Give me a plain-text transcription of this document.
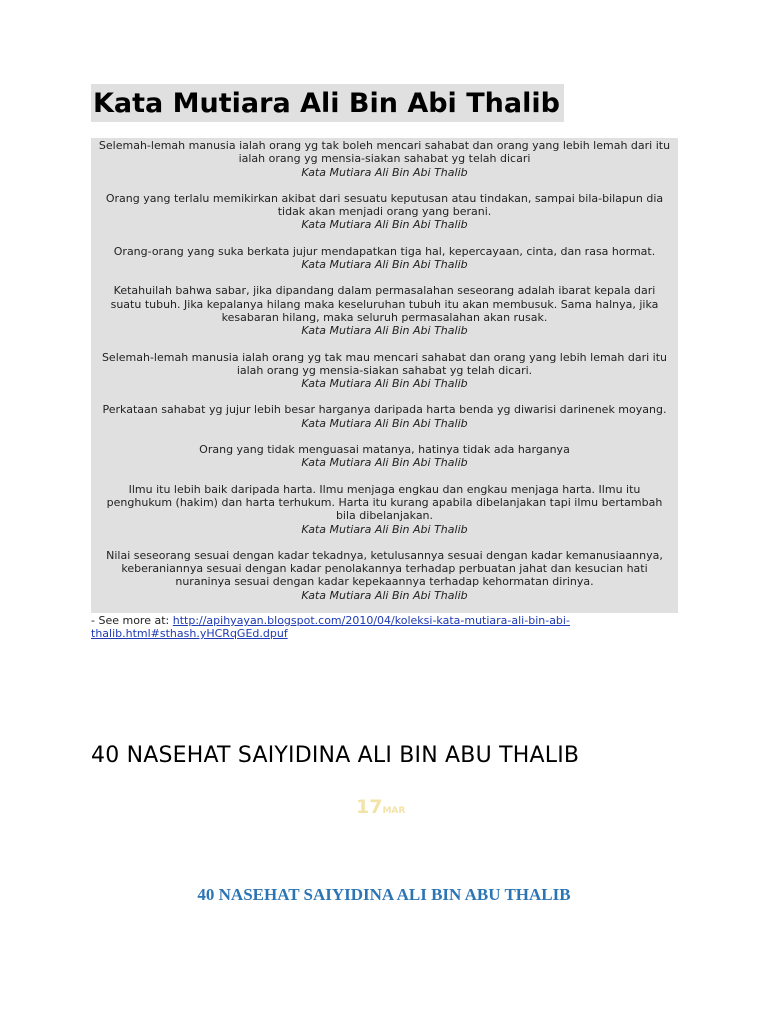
Kata Mutiara Ali Bin Abi Thalib

Selemah-lemah manusia ialah orang yg tak boleh mencari sahabat dan orang yang lebih lemah dari itu ialah orang yg mensia-siakan sahabat yg telah dicari
Kata Mutiara Ali Bin Abi Thalib

Orang yang terlalu memikirkan akibat dari sesuatu keputusan atau tindakan, sampai bila-bilapun dia tidak akan menjadi orang yang berani.
Kata Mutiara Ali Bin Abi Thalib

Orang-orang yang suka berkata jujur mendapatkan tiga hal, kepercayaan, cinta, dan rasa hormat.
Kata Mutiara Ali Bin Abi Thalib

Ketahuilah bahwa sabar, jika dipandang dalam permasalahan seseorang adalah ibarat kepala dari suatu tubuh. Jika kepalanya hilang maka keseluruhan tubuh itu akan membusuk. Sama halnya, jika kesabaran hilang, maka seluruh permasalahan akan rusak.
Kata Mutiara Ali Bin Abi Thalib

Selemah-lemah manusia ialah orang yg tak mau mencari sahabat dan orang yang lebih lemah dari itu ialah orang yg mensia-siakan sahabat yg telah dicari.
Kata Mutiara Ali Bin Abi Thalib

Perkataan sahabat yg jujur lebih besar harganya daripada harta benda yg diwarisi darinenek moyang.
Kata Mutiara Ali Bin Abi Thalib

Orang yang tidak menguasai matanya, hatinya tidak ada harganya
Kata Mutiara Ali Bin Abi Thalib

Ilmu itu lebih baik daripada harta. Ilmu menjaga engkau dan engkau menjaga harta. Ilmu itu penghukum (hakim) dan harta terhukum. Harta itu kurang apabila dibelanjakan tapi ilmu bertambah bila dibelanjakan.
Kata Mutiara Ali Bin Abi Thalib

Nilai seseorang sesuai dengan kadar tekadnya, ketulusannya sesuai dengan kadar kemanusiaannya, keberaniannya sesuai dengan kadar penolakannya terhadap perbuatan jahat dan kesucian hati nuraninya sesuai dengan kadar kepekaannya terhadap kehormatan dirinya.
Kata Mutiara Ali Bin Abi Thalib

- See more at: http://apihyayan.blogspot.com/2010/04/koleksi-kata-mutiara-ali-bin-abi-thalib.html#sthash.yHCRqGEd.dpuf
40 NASEHAT SAIYIDINA ALI BIN ABU THALIB
17MAR
40 NASEHAT SAIYIDINA ALI BIN ABU THALIB
